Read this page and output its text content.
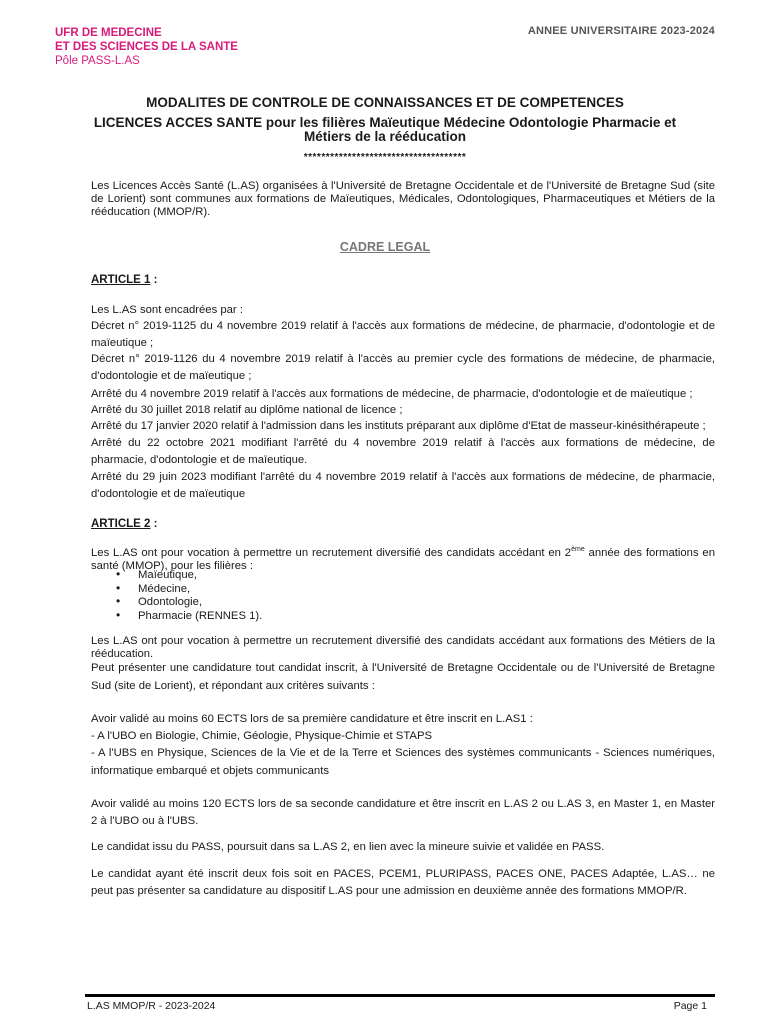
UFR DE MEDECINE
ET DES SCIENCES DE LA SANTE
Pôle PASS-L.AS
ANNEE UNIVERSITAIRE 2023-2024
MODALITES DE CONTROLE DE CONNAISSANCES ET DE COMPETENCES
LICENCES ACCES SANTE pour les filières Maïeutique Médecine Odontologie Pharmacie et
Métiers de la rééducation
*************************************
Les Licences Accès Santé (L.AS) organisées à l'Université de Bretagne Occidentale et de l'Université de Bretagne Sud (site de Lorient) sont communes aux formations de Maïeutiques, Médicales, Odontologiques, Pharmaceutiques et Métiers de la rééducation (MMOP/R).
CADRE LEGAL
ARTICLE 1 :
Les L.AS sont encadrées par :
Décret n° 2019-1125 du 4 novembre 2019 relatif à l'accès aux formations de médecine, de pharmacie, d'odontologie et de
maïeutique ;
Décret n° 2019-1126 du 4 novembre 2019 relatif à l'accès au premier cycle des formations de médecine, de pharmacie,
d'odontologie et de maïeutique ;
Arrêté du 4 novembre 2019 relatif à l'accès aux formations de médecine, de pharmacie, d'odontologie et de maïeutique ;
Arrêté du 30 juillet 2018 relatif au diplôme national de licence ;
Arrêté du 17 janvier 2020 relatif à l'admission dans les instituts préparant aux diplôme d'Etat de masseur-kinésithérapeute ;
Arrêté du 22 octobre 2021 modifiant l'arrêté du 4 novembre 2019 relatif à l'accès aux formations de médecine, de
pharmacie, d'odontologie et de maïeutique.
Arrêté du 29 juin 2023 modifiant l'arrêté du 4 novembre 2019 relatif à l'accès aux formations de médecine, de pharmacie,
d'odontologie et de maïeutique
ARTICLE 2 :
Les L.AS ont pour vocation à permettre un recrutement diversifié des candidats accédant en 2ème année des formations en santé (MMOP), pour les filières :
• Maïeutique,
• Médecine,
• Odontologie,
• Pharmacie (RENNES 1).
Les L.AS ont pour vocation à permettre un recrutement diversifié des candidats accédant aux formations des Métiers de la rééducation.
Peut présenter une candidature tout candidat inscrit, à l'Université de Bretagne Occidentale ou de l'Université de Bretagne
Sud (site de Lorient), et répondant aux critères suivants :
Avoir validé au moins 60 ECTS lors de sa première candidature et être inscrit en L.AS1 :
- A l'UBO en Biologie, Chimie, Géologie, Physique-Chimie et STAPS
- A l'UBS en Physique, Sciences de la Vie et de la Terre et Sciences des systèmes communicants - Sciences numériques,
informatique embarqué et objets communicants
Avoir validé au moins 120 ECTS lors de sa seconde candidature et être inscrit en L.AS 2 ou L.AS 3, en Master 1, en Master
2 à l'UBO ou à l'UBS.
Le candidat issu du PASS, poursuit dans sa L.AS 2, en lien avec la mineure suivie et validée en PASS.
Le candidat ayant été inscrit deux fois soit en PACES, PCEM1, PLURIPASS, PACES ONE, PACES Adaptée, L.AS… ne
peut pas présenter sa candidature au dispositif L.AS pour une admission en deuxième année des formations MMOP/R.
L.AS MMOP/R - 2023-2024	Page 1
